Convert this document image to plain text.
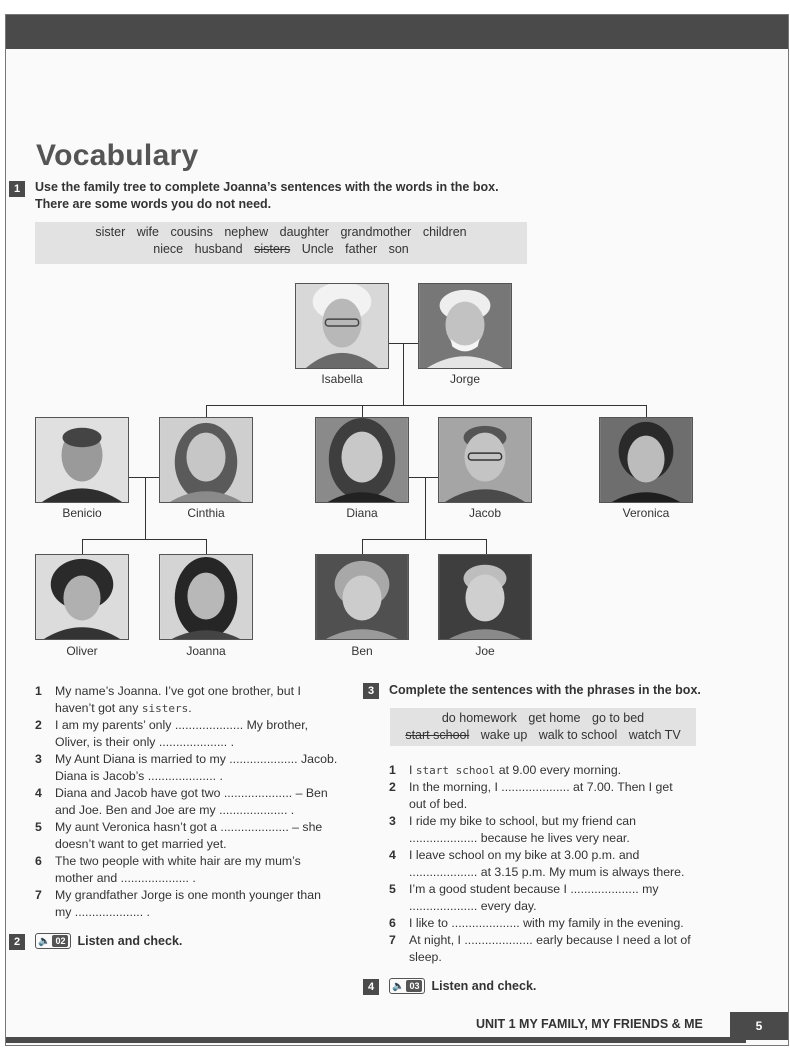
Vocabulary
1	Use the family tree to complete Joanna’s sentences with the words in the box.
There are some words you do not need.
sister wife cousins nephew daughter grandmother children
niece husband sisters Uncle father son
Isabella	Jorge
Benicio	Cinthia	Diana	Jacob	Veronica
Oliver	Joanna	Ben	Joe
1 My name’s Joanna. I’ve got one brother, but I
haven’t got any sisters.
2 I am my parents’ only .................... My brother,
Oliver, is their only .................... .
3 My Aunt Diana is married to my .................... Jacob.
Diana is Jacob’s .................... .
4 Diana and Jacob have got two .................... – Ben
and Joe. Ben and Joe are my .................... .
5 My aunt Veronica hasn’t got a .................... – she
doesn’t want to get married yet.
6 The two people with white hair are my mum’s
mother and .................... .
7 My grandfather Jorge is one month younger than
my .................... .
2	🔈 02 Listen and check.
3	Complete the sentences with the phrases in the box.
do homework get home go to bed
start school wake up walk to school watch TV
1 I start school at 9.00 every morning.
2 In the morning, I .................... at 7.00. Then I get
out of bed.
3 I ride my bike to school, but my friend can
.................... because he lives very near.
4 I leave school on my bike at 3.00 p.m. and
.................... at 3.15 p.m. My mum is always there.
5 I’m a good student because I .................... my
.................... every day.
6 I like to .................... with my family in the evening.
7 At night, I .................... early because I need a lot of
sleep.
4	🔈 03 Listen and check.
UNIT 1 MY FAMILY, MY FRIENDS & ME	5
